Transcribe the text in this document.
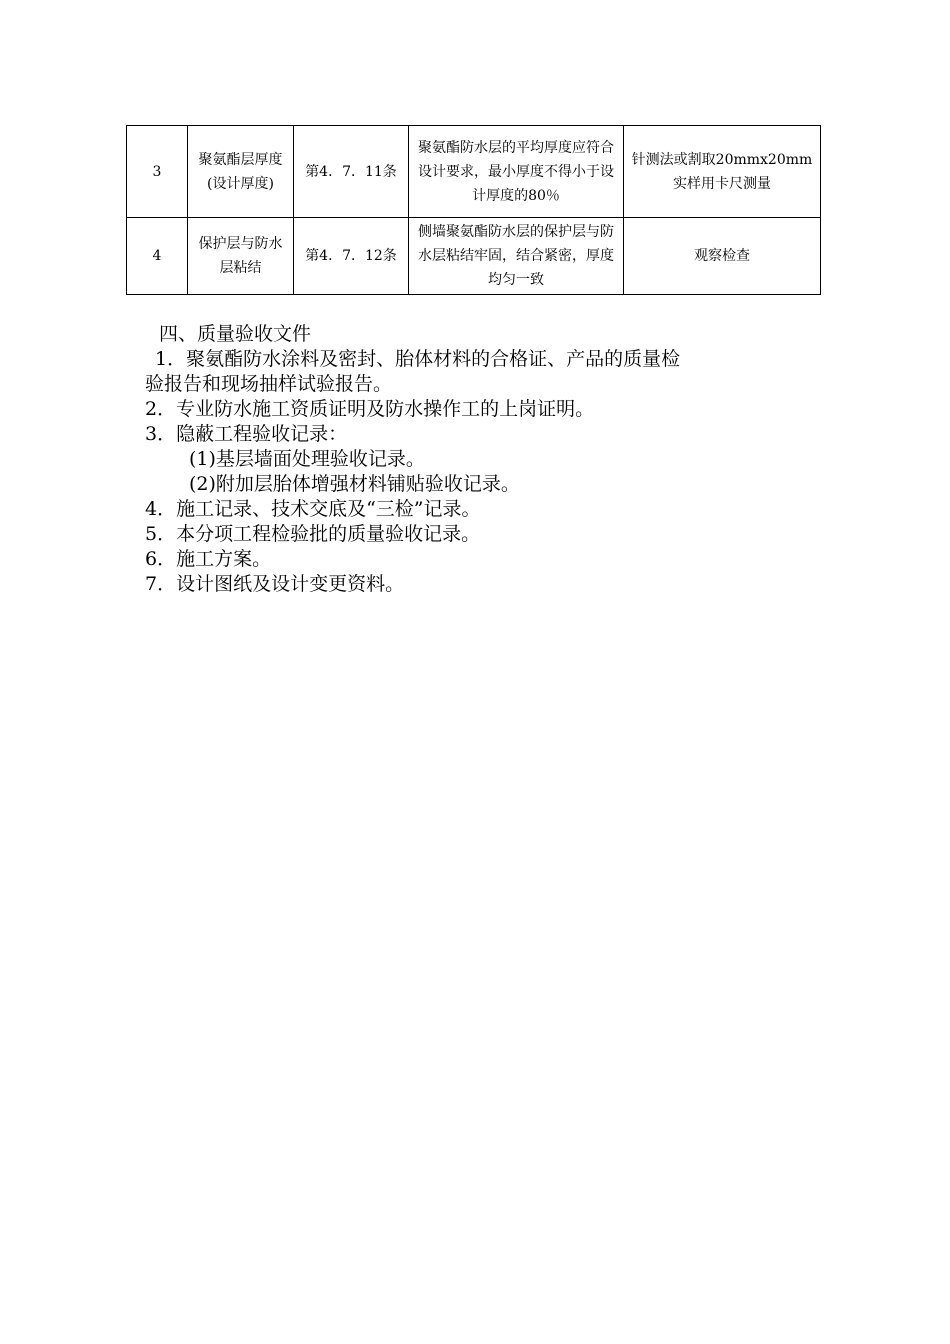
3	聚氨酯层厚度(设计厚度)	第4．7．11条	聚氨酯防水层的平均厚度应符合设计要求，最小厚度不得小于设计厚度的80％	针测法或割取20mmx20mm实样用卡尺测量
4	保护层与防水层粘结	第4．7．12条	侧墙聚氨酯防水层的保护层与防水层粘结牢固，结合紧密，厚度均匀一致	观察检查

四、质量验收文件

1．聚氨酯防水涂料及密封、胎体材料的合格证、产品的质量检

验报告和现场抽样试验报告。

2．专业防水施工资质证明及防水操作工的上岗证明。

3．隐蔽工程验收记录：

(1)基层墙面处理验收记录。

(2)附加层胎体增强材料铺贴验收记录。

4．施工记录、技术交底及“三检”记录。

5．本分项工程检验批的质量验收记录。

6．施工方案。

7．设计图纸及设计变更资料。
